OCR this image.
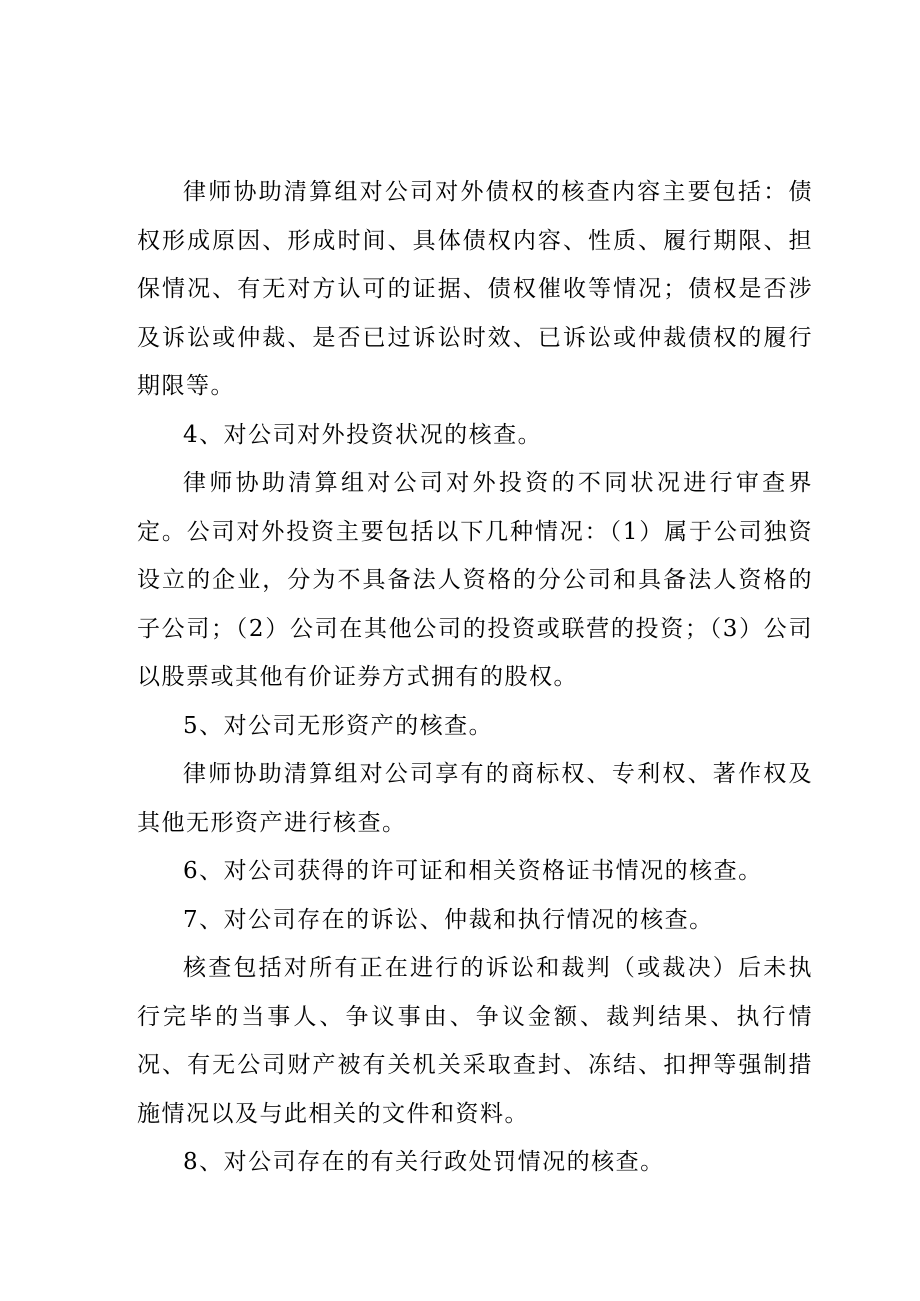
律师协助清算组对公司对外债权的核查内容主要包括：债权形成原因、形成时间、具体债权内容、性质、履行期限、担保情况、有无对方认可的证据、债权催收等情况；债权是否涉及诉讼或仲裁、是否已过诉讼时效、已诉讼或仲裁债权的履行期限等。

4、对公司对外投资状况的核查。

律师协助清算组对公司对外投资的不同状况进行审查界定。公司对外投资主要包括以下几种情况：（1）属于公司独资设立的企业，分为不具备法人资格的分公司和具备法人资格的子公司；（2）公司在其他公司的投资或联营的投资；（3）公司以股票或其他有价证券方式拥有的股权。

5、对公司无形资产的核查。

律师协助清算组对公司享有的商标权、专利权、著作权及其他无形资产进行核查。

6、对公司获得的许可证和相关资格证书情况的核查。

7、对公司存在的诉讼、仲裁和执行情况的核查。

核查包括对所有正在进行的诉讼和裁判（或裁决）后未执行完毕的当事人、争议事由、争议金额、裁判结果、执行情况、有无公司财产被有关机关采取查封、冻结、扣押等强制措施情况以及与此相关的文件和资料。

8、对公司存在的有关行政处罚情况的核查。
